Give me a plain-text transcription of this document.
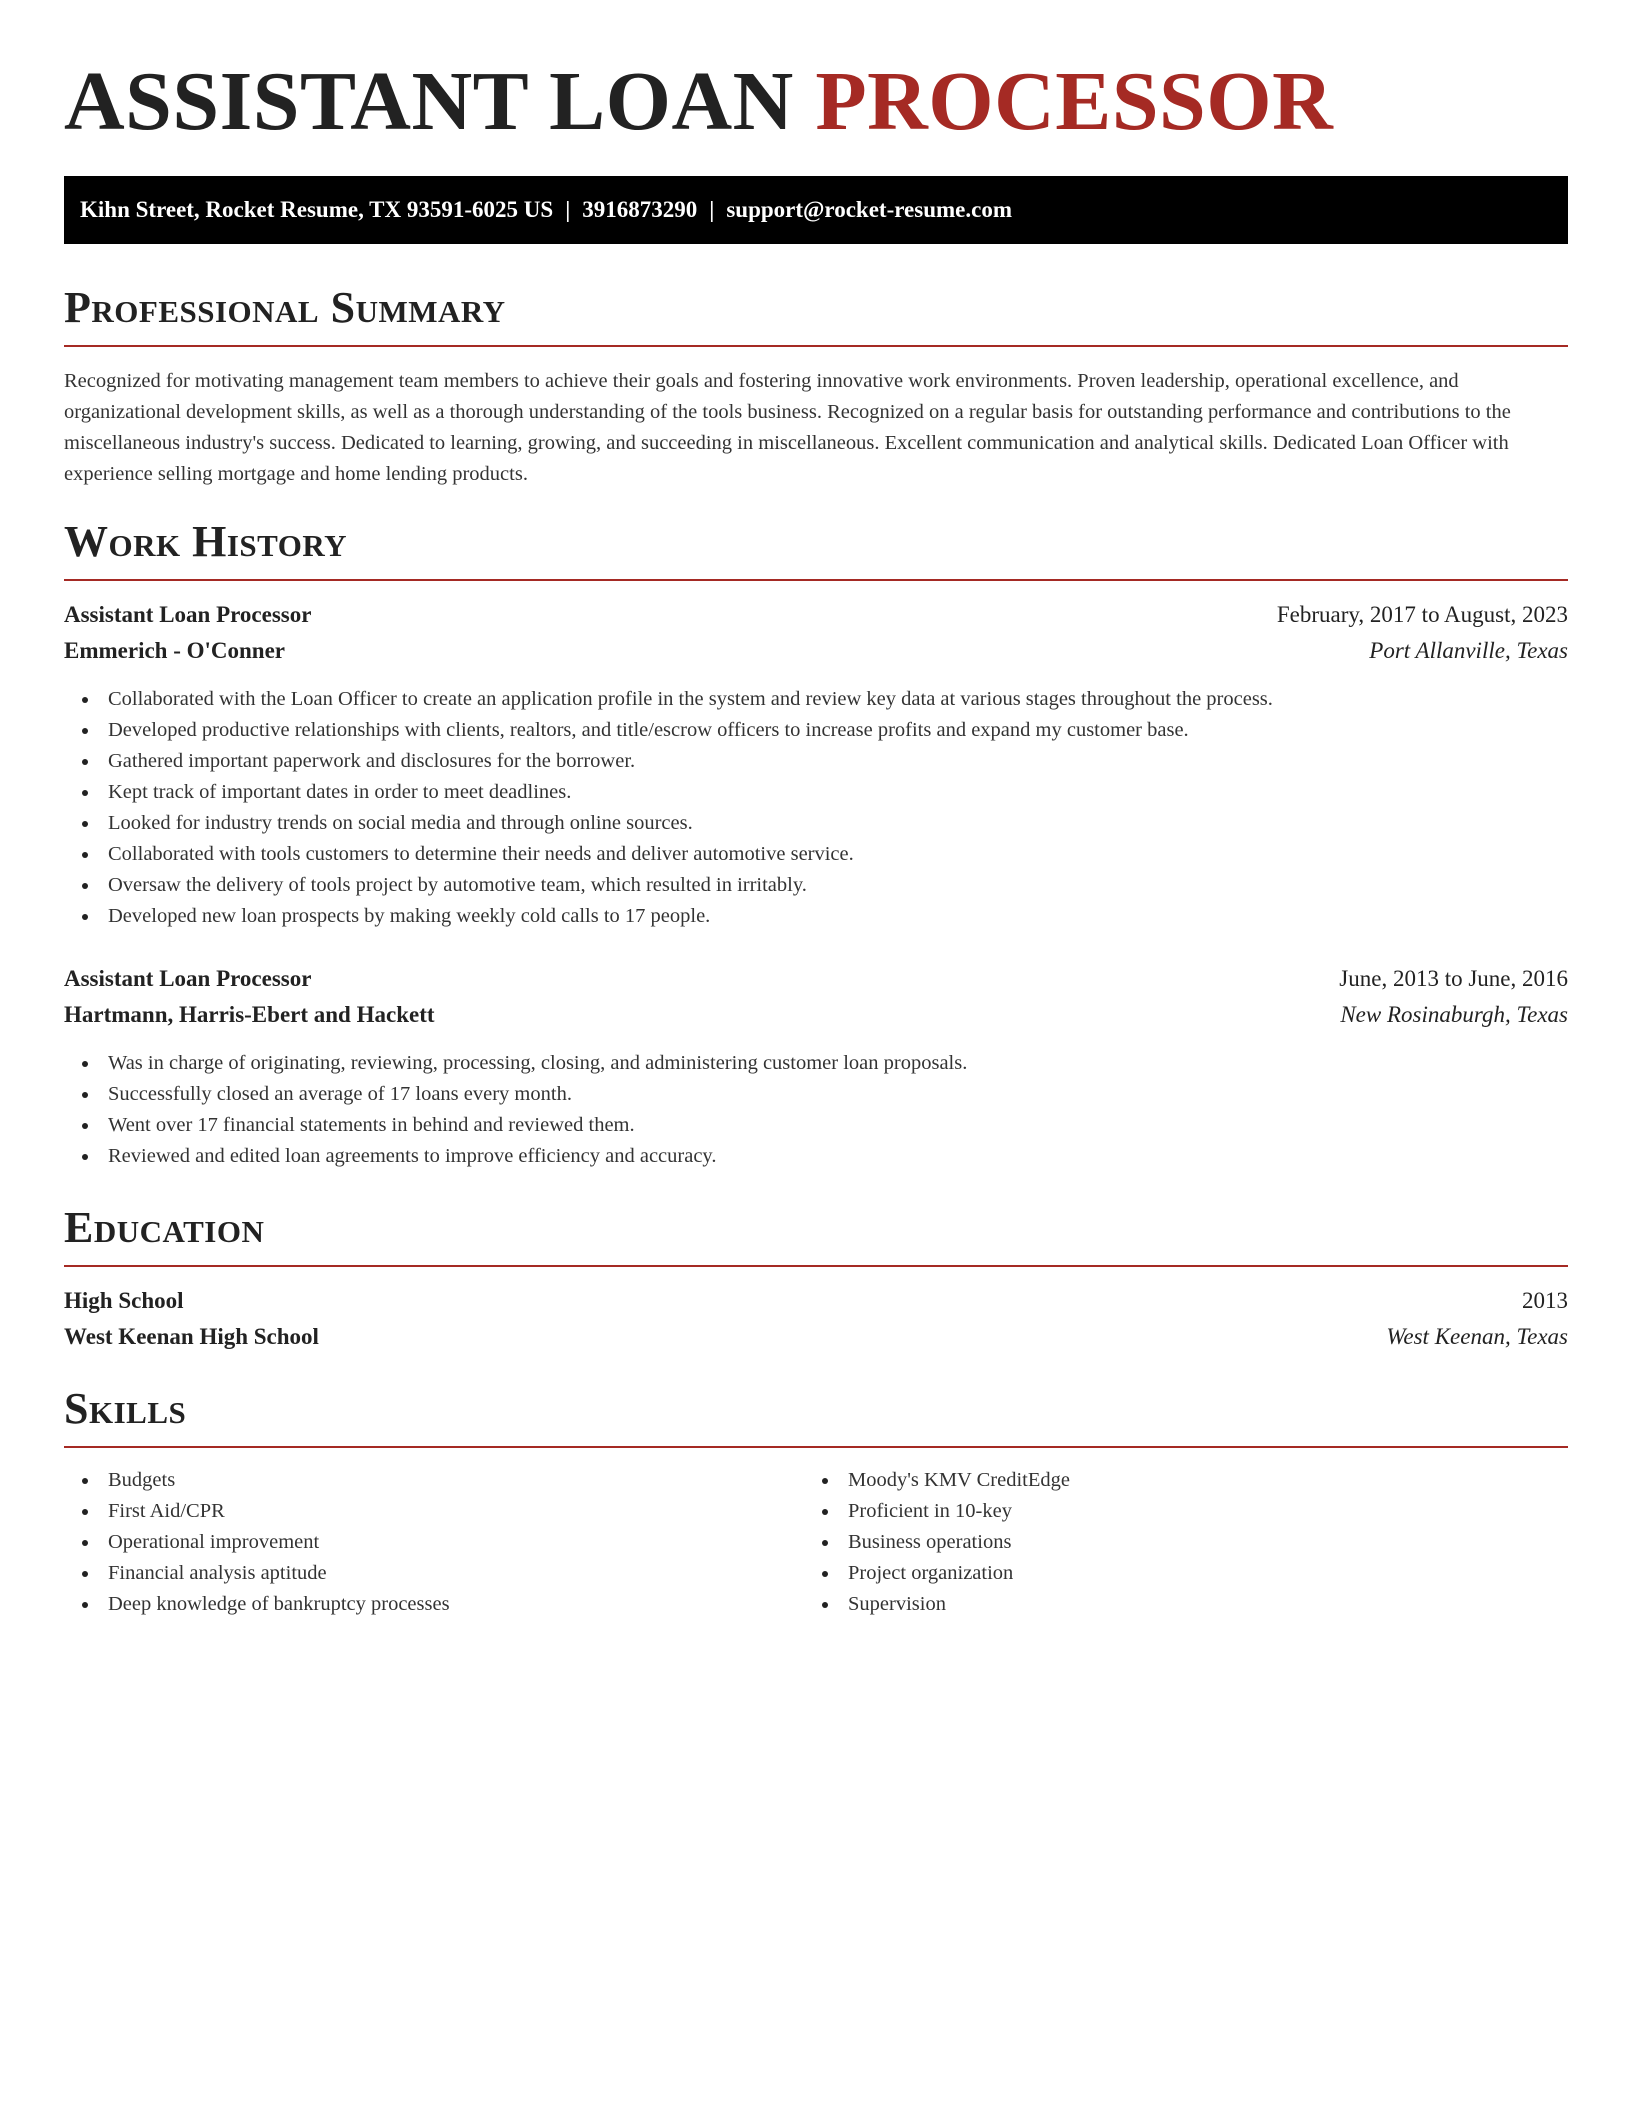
ASSISTANT LOAN PROCESSOR
Kihn Street, Rocket Resume, TX 93591-6025 US | 3916873290 | support@rocket-resume.com
Professional Summary

Recognized for motivating management team members to achieve their goals and fostering innovative work environments. Proven leadership, operational excellence, and organizational development skills, as well as a thorough understanding of the tools business. Recognized on a regular basis for outstanding performance and contributions to the miscellaneous industry's success. Dedicated to learning, growing, and succeeding in miscellaneous. Excellent communication and analytical skills. Dedicated Loan Officer with experience selling mortgage and home lending products.

Work History
Assistant Loan Processor	February, 2017 to August, 2023
Emmerich - O'Conner	Port Allanville, Texas
Collaborated with the Loan Officer to create an application profile in the system and review key data at various stages throughout the process.
Developed productive relationships with clients, realtors, and title/escrow officers to increase profits and expand my customer base.
Gathered important paperwork and disclosures for the borrower.
Kept track of important dates in order to meet deadlines.
Looked for industry trends on social media and through online sources.
Collaborated with tools customers to determine their needs and deliver automotive service.
Oversaw the delivery of tools project by automotive team, which resulted in irritably.
Developed new loan prospects by making weekly cold calls to 17 people.
Assistant Loan Processor	June, 2013 to June, 2016
Hartmann, Harris-Ebert and Hackett	New Rosinaburgh, Texas
Was in charge of originating, reviewing, processing, closing, and administering customer loan proposals.
Successfully closed an average of 17 loans every month.
Went over 17 financial statements in behind and reviewed them.
Reviewed and edited loan agreements to improve efficiency and accuracy.
Education
High School	2013
West Keenan High School	West Keenan, Texas
Skills
Budgets
First Aid/CPR
Operational improvement
Financial analysis aptitude
Deep knowledge of bankruptcy processes
Moody's KMV CreditEdge
Proficient in 10-key
Business operations
Project organization
Supervision
